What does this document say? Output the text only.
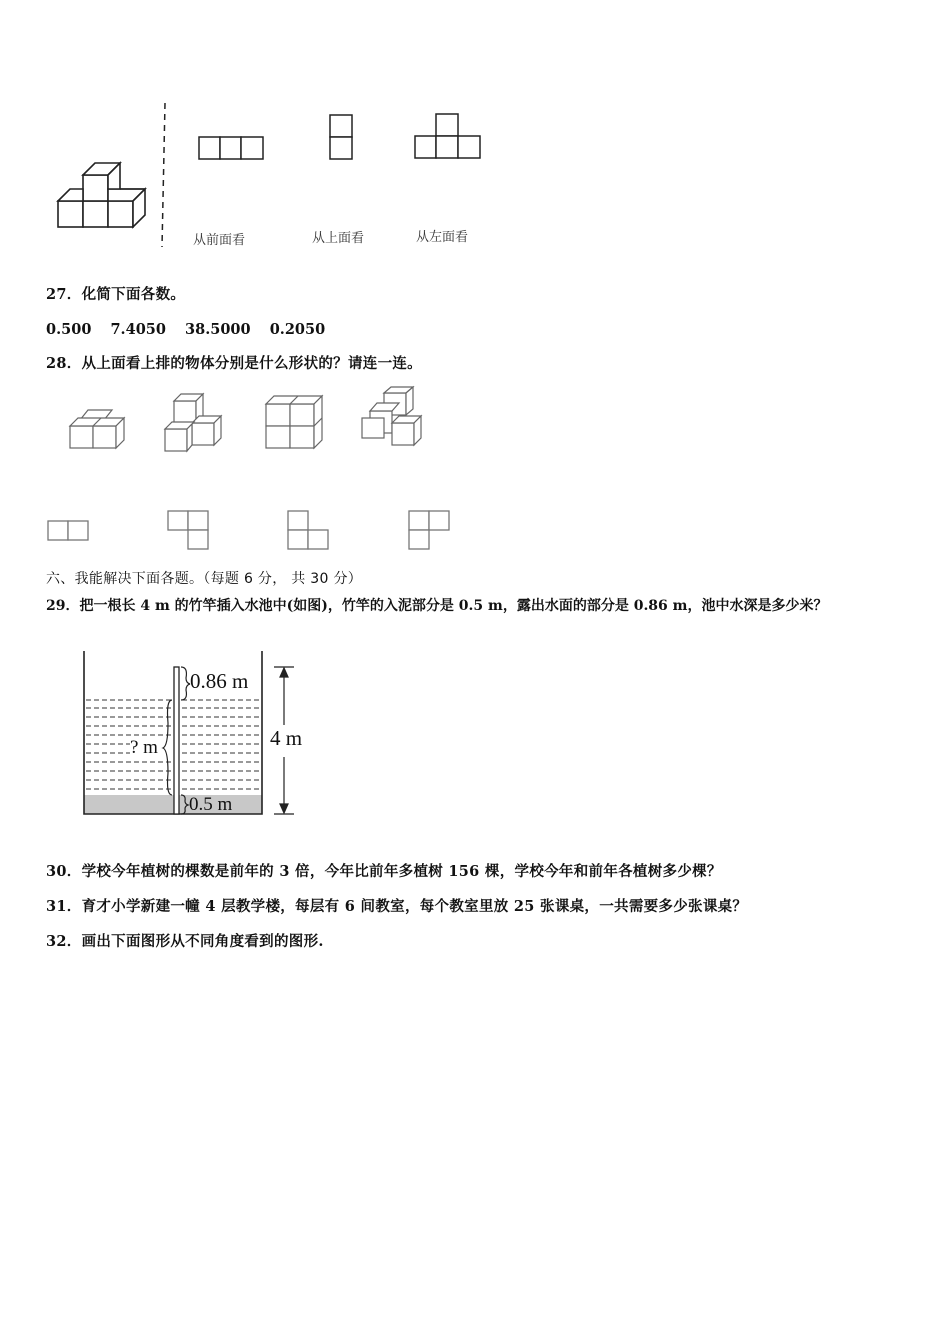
从前面看	从上面看	从左面看
27．化简下面各数。
0.500 7.4050 38.5000 0.2050
28．从上面看上排的物体分别是什么形状的？请连一连。
六、我能解决下面各题。（每题 6 分， 共 30 分）
29．把一根长 4 m 的竹竿插入水池中(如图)，竹竿的入泥部分是 0.5 m，露出水面的部分是 0.86 m，池中水深是多少米？
0.86 m
4 m
? m
0.5 m
30．学校今年植树的棵数是前年的 3 倍，今年比前年多植树 156 棵，学校今年和前年各植树多少棵？
31．育才小学新建一幢 4 层教学楼，每层有 6 间教室，每个教室里放 25 张课桌，一共需要多少张课桌？
32．画出下面图形从不同角度看到的图形.
